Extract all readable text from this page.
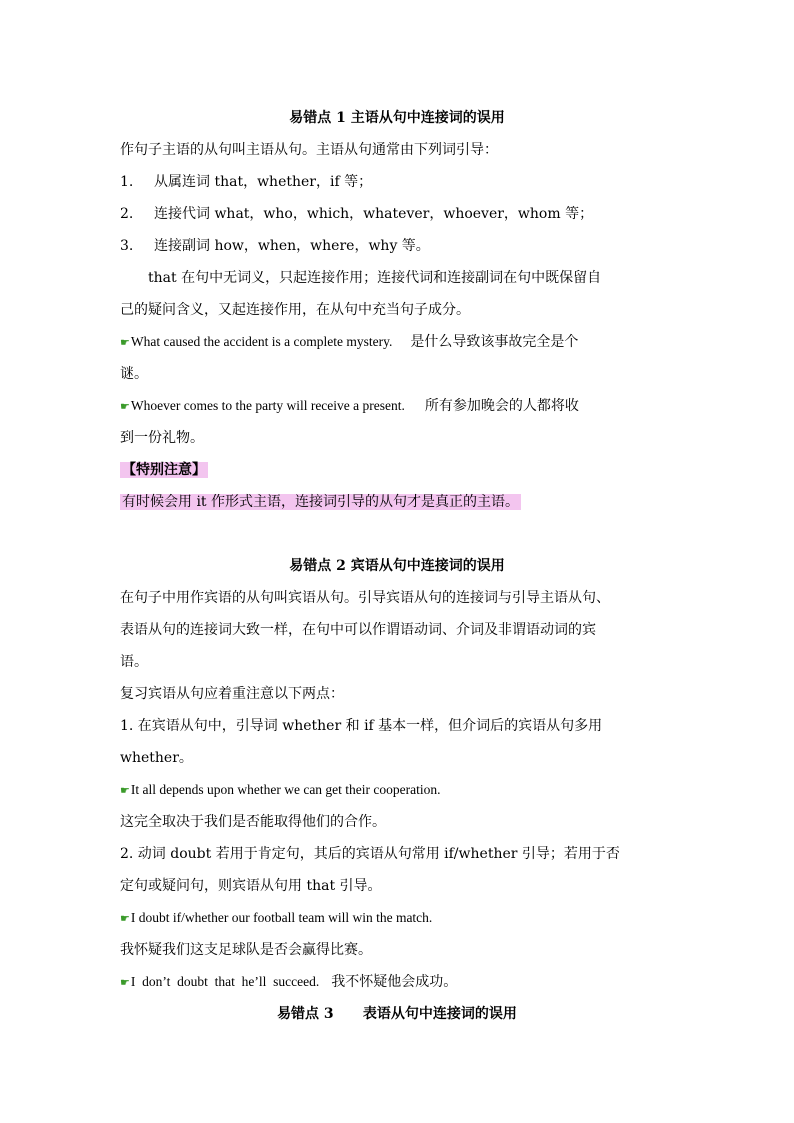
易错点 1 主语从句中连接词的误用
作句子主语的从句叫主语从句。主语从句通常由下列词引导：
1. 从属连词 that，whether，if 等；
2. 连接代词 what，who，which，whatever，whoever，whom 等；
3. 连接副词 how，when，where，why 等。
that 在句中无词义，只起连接作用；连接代词和连接副词在句中既保留自
己的疑问含义，又起连接作用，在从句中充当句子成分。
☛What caused the accident is a complete mystery. 是什么导致该事故完全是个
谜。
☛Whoever comes to the party will receive a present. 所有参加晚会的人都将收
到一份礼物。
【特别注意】
有时候会用 it 作形式主语，连接词引导的从句才是真正的主语。
易错点 2 宾语从句中连接词的误用
在句子中用作宾语的从句叫宾语从句。引导宾语从句的连接词与引导主语从句、
表语从句的连接词大致一样，在句中可以作谓语动词、介词及非谓语动词的宾
语。
复习宾语从句应着重注意以下两点：
1. 在宾语从句中，引导词 whether 和 if 基本一样，但介词后的宾语从句多用
whether。
☛It all depends upon whether we can get their cooperation.
这完全取决于我们是否能取得他们的合作。
2. 动词 doubt 若用于肯定句，其后的宾语从句常用 if/whether 引导；若用于否
定句或疑问句，则宾语从句用 that 引导。
☛I doubt if/whether our football team will win the match.
我怀疑我们这支足球队是否会赢得比赛。
☛I  don’t  doubt  that  he’ll  succeed. 我不怀疑他会成功。
易错点 3      表语从句中连接词的误用
